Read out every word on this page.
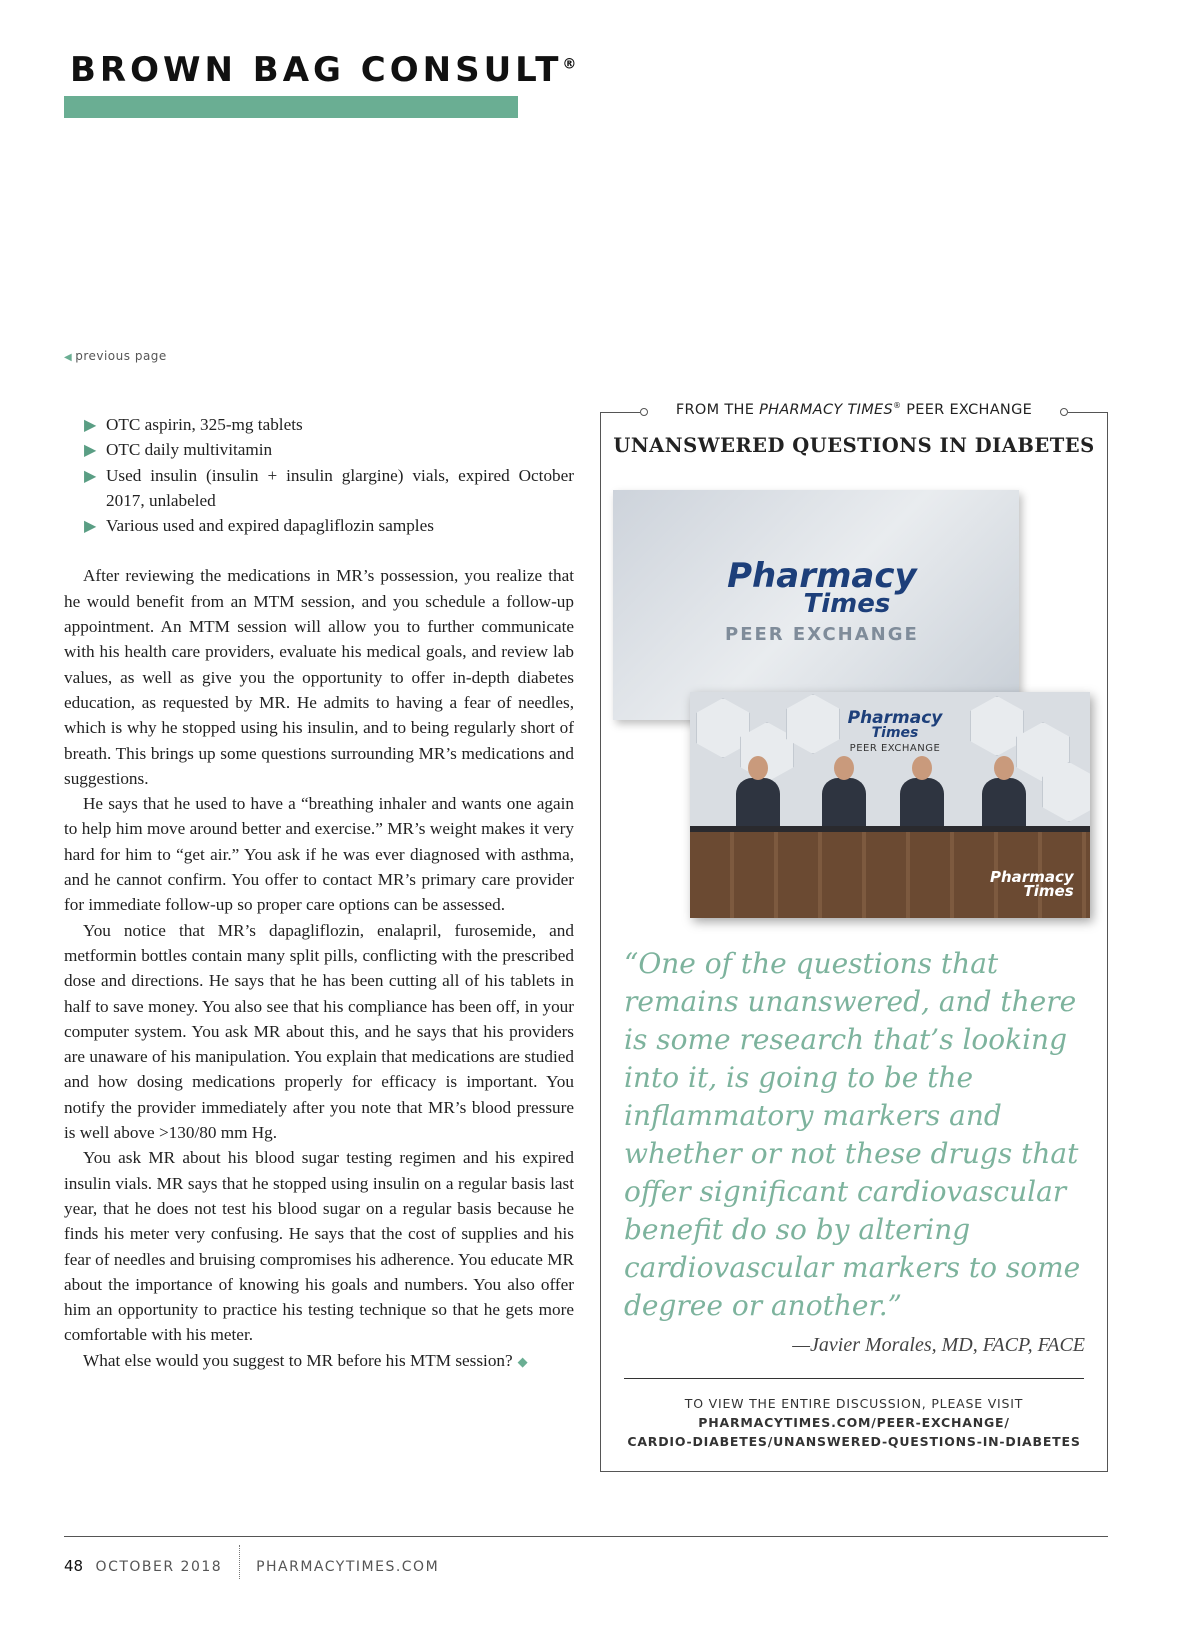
BROWN BAG CONSULT®
◀ previous page
▶ OTC aspirin, 325-mg tablets
▶ OTC daily multivitamin
▶ Used insulin (insulin + insulin glargine) vials, expired October 2017, unlabeled
▶ Various used and expired dapagliflozin samples

After reviewing the medications in MR’s possession, you realize that he would benefit from an MTM session, and you schedule a follow-up appointment. An MTM session will allow you to further communicate with his health care providers, evaluate his medical goals, and review lab values, as well as give you the opportunity to offer in-depth diabetes education, as requested by MR. He admits to having a fear of needles, which is why he stopped using his insulin, and to being regularly short of breath. This brings up some questions surrounding MR’s medications and suggestions.

He says that he used to have a “breathing inhaler and wants one again to help him move around better and exercise.” MR’s weight makes it very hard for him to “get air.” You ask if he was ever diagnosed with asthma, and he cannot confirm. You offer to contact MR’s primary care provider for immediate follow-up so proper care options can be assessed.

You notice that MR’s dapagliflozin, enalapril, furosemide, and metformin bottles contain many split pills, conflicting with the prescribed dose and directions. He says that he has been cutting all of his tablets in half to save money. You also see that his compliance has been off, in your computer system. You ask MR about this, and he says that his providers are unaware of his manipulation. You explain that medications are studied and how dosing medications properly for efficacy is important. You notify the provider immediately after you note that MR’s blood pressure is well above >130/80 mm Hg.

You ask MR about his blood sugar testing regimen and his expired insulin vials. MR says that he stopped using insulin on a regular basis last year, that he does not test his blood sugar on a regular basis because he finds his meter very confusing. He says that the cost of supplies and his fear of needles and bruising compromises his adherence. You educate MR about the importance of knowing his goals and numbers. You also offer him an opportunity to practice his testing technique so that he gets more comfortable with his meter.

What else would you suggest to MR before his MTM session? ◆

FROM THE PHARMACY TIMES® PEER EXCHANGE
UNANSWERED QUESTIONS IN DIABETES
Pharmacy
Times
PEER EXCHANGE
Pharmacy
Times
PEER EXCHANGE
Pharmacy
Times

“One of the questions that remains unanswered, and there is some research that’s looking into it, is going to be the inflammatory markers and whether or not these drugs that offer significant cardiovascular benefit do so by altering cardiovascular markers to some degree or another.”

—Javier Morales, MD, FACP, FACE
TO VIEW THE ENTIRE DISCUSSION, PLEASE VISIT
PHARMACYTIMES.COM/PEER-EXCHANGE/
CARDIO-DIABETES/UNANSWERED-QUESTIONS-IN-DIABETES
48 OCTOBER 2018 PHARMACYTIMES.COM
